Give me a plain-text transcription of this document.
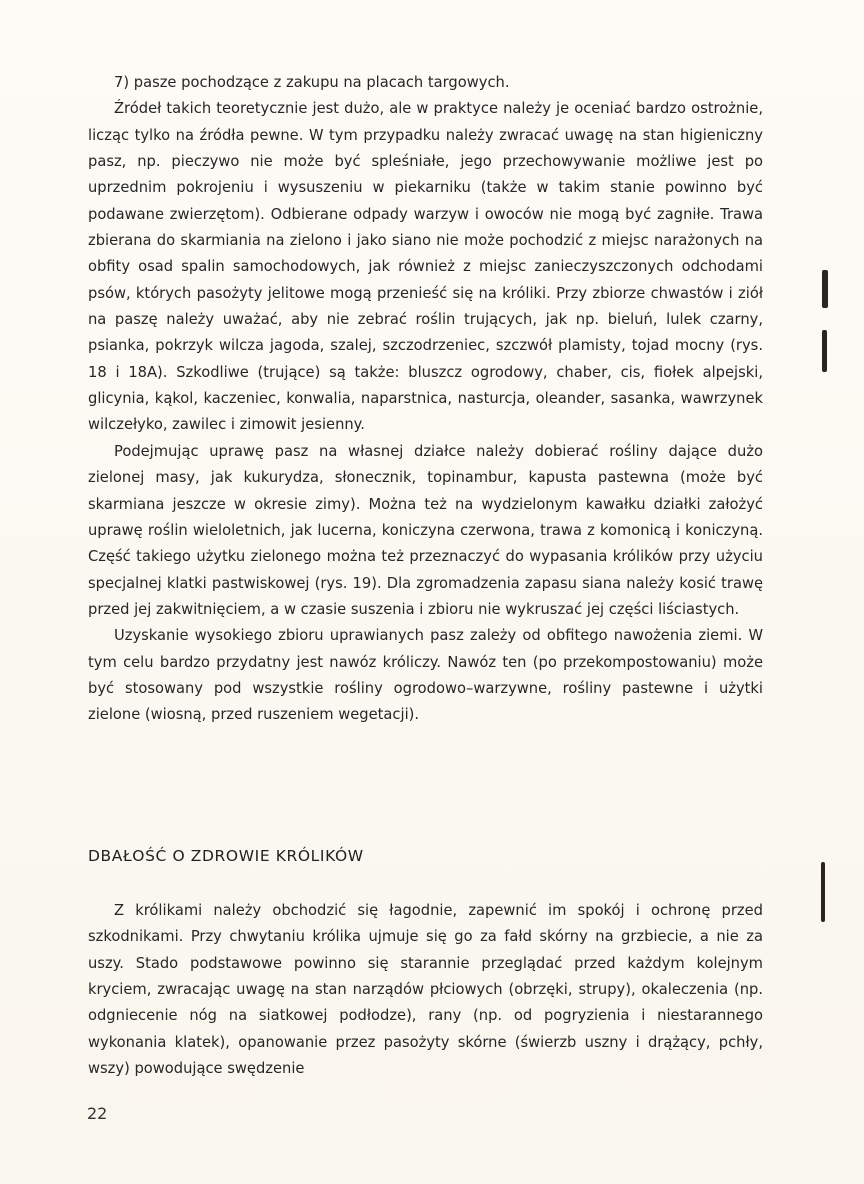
7) pasze pochodzące z zakupu na placach targowych.

Źródeł takich teoretycznie jest dużo, ale w praktyce należy je oceniać bardzo ostrożnie, licząc tylko na źródła pewne. W tym przypadku należy zwracać uwagę na stan higieniczny pasz, np. pieczywo nie może być spleśniałe, jego przechowywanie możliwe jest po uprzednim pokrojeniu i wysuszeniu w piekarniku (także w takim stanie powinno być podawane zwierzętom). Odbierane odpady warzyw i owoców nie mogą być zagniłe. Trawa zbierana do skarmiania na zielono i jako siano nie może pochodzić z miejsc narażonych na obfity osad spalin samochodowych, jak również z miejsc zanieczyszczonych odchodami psów, których pasożyty jelitowe mogą przenieść się na króliki. Przy zbiorze chwastów i ziół na paszę należy uważać, aby nie zebrać roślin trujących, jak np. bieluń, lulek czarny, psianka, pokrzyk wilcza jagoda, szalej, szczodrzeniec, szczwół plamisty, tojad mocny (rys. 18 i 18A). Szkodliwe (trujące) są także: bluszcz ogrodowy, chaber, cis, fiołek alpejski, glicynia, kąkol, kaczeniec, konwalia, naparstnica, nasturcja, oleander, sasanka, wawrzynek wilczełyko, zawilec i zimowit jesienny.

Podejmując uprawę pasz na własnej działce należy dobierać rośliny dające dużo zielonej masy, jak kukurydza, słonecznik, topinambur, kapusta pastewna (może być skarmiana jeszcze w okresie zimy). Można też na wydzielonym kawałku działki założyć uprawę roślin wieloletnich, jak lucerna, koniczyna czerwona, trawa z komonicą i koniczyną. Część takiego użytku zielonego można też przeznaczyć do wypasania królików przy użyciu specjalnej klatki pastwiskowej (rys. 19). Dla zgromadzenia zapasu siana należy kosić trawę przed jej zakwitnięciem, a w czasie suszenia i zbioru nie wykruszać jej części liściastych.

Uzyskanie wysokiego zbioru uprawianych pasz zależy od obfitego nawożenia ziemi. W tym celu bardzo przydatny jest nawóz króliczy. Nawóz ten (po przekompostowaniu) może być stosowany pod wszystkie rośliny ogrodowo–warzywne, rośliny pastewne i użytki zielone (wiosną, przed ruszeniem wegetacji).

DBAŁOŚĆ O ZDROWIE KRÓLIKÓW

Z królikami należy obchodzić się łagodnie, zapewnić im spokój i ochronę przed szkodnikami. Przy chwytaniu królika ujmuje się go za fałd skórny na grzbiecie, a nie za uszy. Stado podstawowe powinno się starannie przeglądać przed każdym kolejnym kryciem, zwracając uwagę na stan narządów płciowych (obrzęki, strupy), okaleczenia (np. odgniecenie nóg na siatkowej podłodze), rany (np. od pogryzienia i niestarannego wykonania klatek), opanowanie przez pasożyty skórne (świerzb uszny i drążący, pchły, wszy) powodujące swędzenie

22
